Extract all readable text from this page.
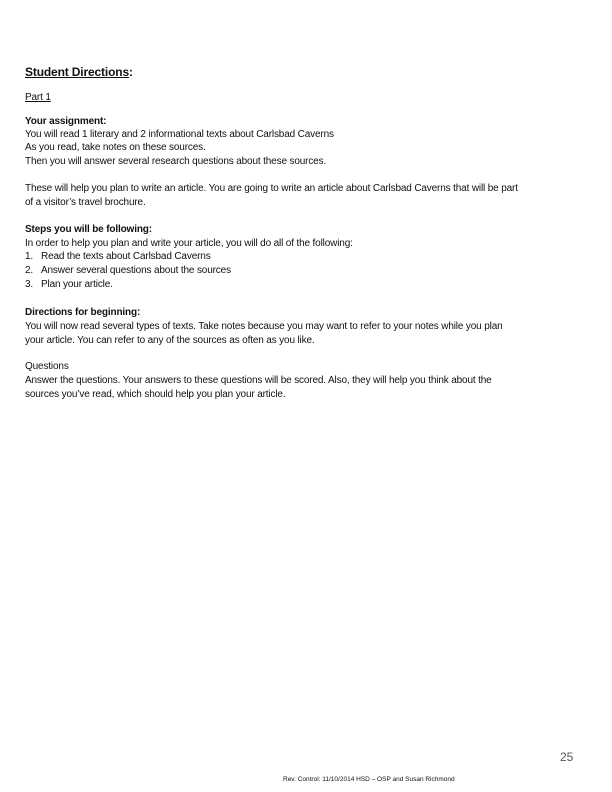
Student Directions:
Part 1
Your assignment:
You will read 1 literary and 2 informational texts about Carlsbad Caverns
As you read, take notes on these sources.
Then you will answer several research questions about these sources.
These will help you plan to write an article. You are going to write an article about Carlsbad Caverns that will be part
of a visitor’s travel brochure.
Steps you will be following:
In order to help you plan and write your article, you will do all of the following:
1. Read the texts about Carlsbad Caverns
2. Answer several questions about the sources
3. Plan your article.
Directions for beginning:
You will now read several types of texts. Take notes because you may want to refer to your notes while you plan
your article. You can refer to any of the sources as often as you like.
Questions
Answer the questions. Your answers to these questions will be scored. Also, they will help you think about the
sources you’ve read, which should help you plan your article.
25
Rev. Control: 11/10/2014 HSD – OSP and Susan Richmond
